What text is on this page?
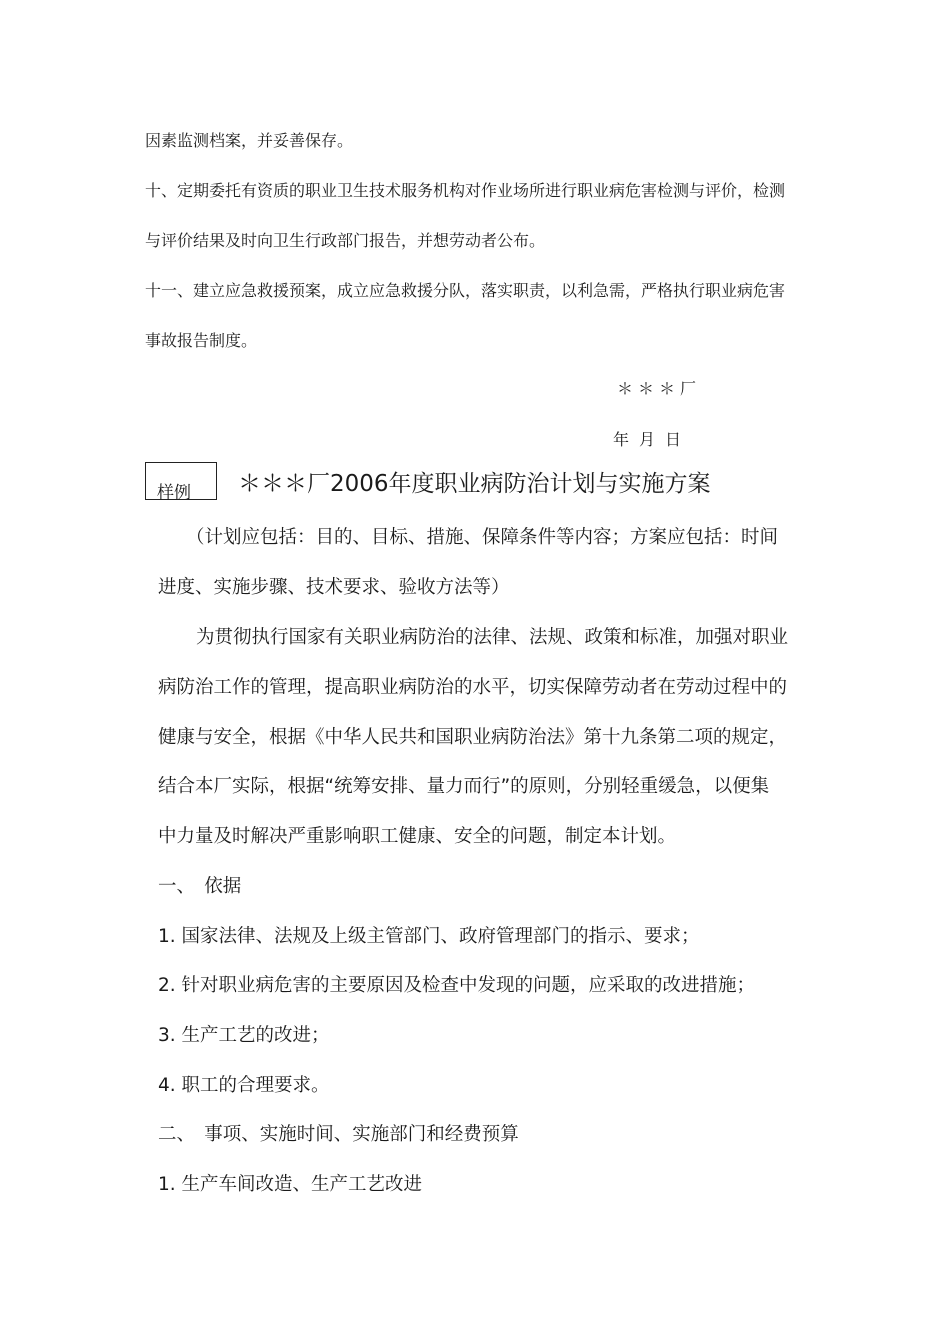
因素监测档案，并妥善保存。
十、定期委托有资质的职业卫生技术服务机构对作业场所进行职业病危害检测与评价，检测
与评价结果及时向卫生行政部门报告，并想劳动者公布。
十一、建立应急救援预案，成立应急救援分队，落实职责，以利急需，严格执行职业病危害
事故报告制度。
＊＊＊厂
年月日
样例 ＊＊＊厂2006年度职业病防治计划与实施方案
（计划应包括：目的、目标、措施、保障条件等内容；方案应包括：时间
进度、实施步骤、技术要求、验收方法等）
为贯彻执行国家有关职业病防治的法律、法规、政策和标准，加强对职业
病防治工作的管理，提高职业病防治的水平，切实保障劳动者在劳动过程中的
健康与安全，根据《中华人民共和国职业病防治法》第十九条第二项的规定，
结合本厂实际，根据“统筹安排、量力而行”的原则，分别轻重缓急，以便集
中力量及时解决严重影响职工健康、安全的问题，制定本计划。
一、　依据
1. 国家法律、法规及上级主管部门、政府管理部门的指示、要求；
2. 针对职业病危害的主要原因及检查中发现的问题，应采取的改进措施；
3. 生产工艺的改进；
4. 职工的合理要求。
二、　事项、实施时间、实施部门和经费预算
1. 生产车间改造、生产工艺改进
